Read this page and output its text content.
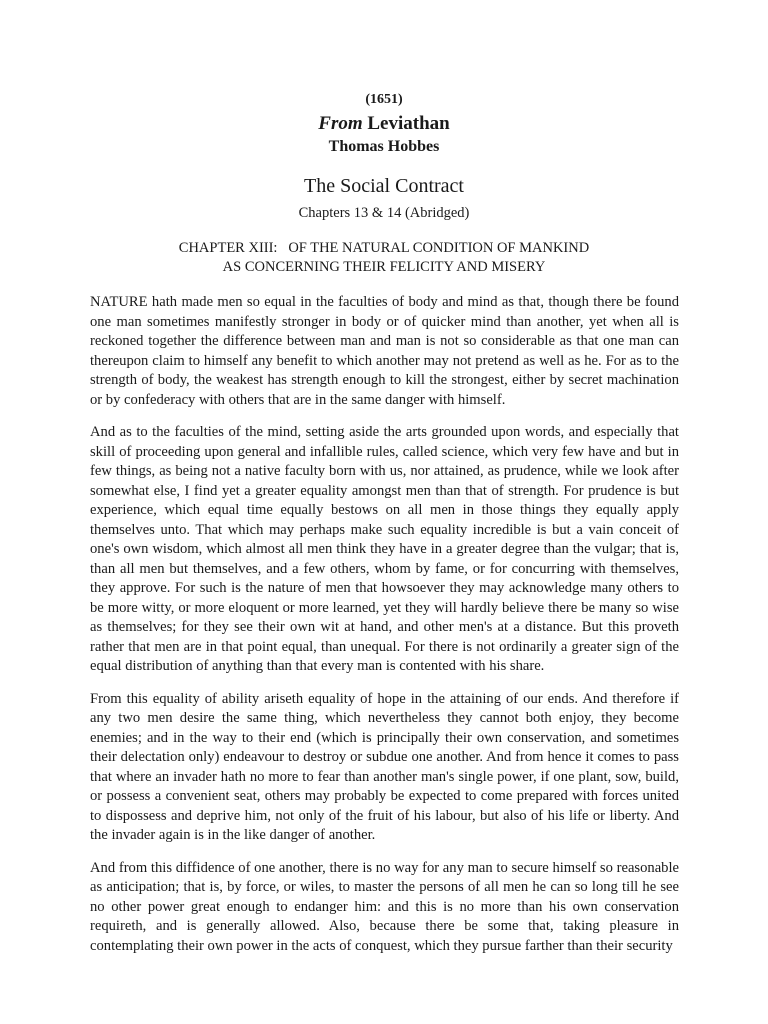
(1651)
From Leviathan
Thomas Hobbes
The Social Contract
Chapters 13 & 14 (Abridged)
CHAPTER XIII:   OF THE NATURAL CONDITION OF MANKIND
AS CONCERNING THEIR FELICITY AND MISERY

NATURE hath made men so equal in the faculties of body and mind as that, though there be found one man sometimes manifestly stronger in body or of quicker mind than another, yet when all is reckoned together the difference between man and man is not so considerable as that one man can thereupon claim to himself any benefit to which another may not pretend as well as he. For as to the strength of body, the weakest has strength enough to kill the strongest, either by secret machination or by confederacy with others that are in the same danger with himself.

And as to the faculties of the mind, setting aside the arts grounded upon words, and especially that skill of proceeding upon general and infallible rules, called science, which very few have and but in few things, as being not a native faculty born with us, nor attained, as prudence, while we look after somewhat else, I find yet a greater equality amongst men than that of strength. For prudence is but experience, which equal time equally bestows on all men in those things they equally apply themselves unto. That which may perhaps make such equality incredible is but a vain conceit of one's own wisdom, which almost all men think they have in a greater degree than the vulgar; that is, than all men but themselves, and a few others, whom by fame, or for concurring with themselves, they approve. For such is the nature of men that howsoever they may acknowledge many others to be more witty, or more eloquent or more learned, yet they will hardly believe there be many so wise as themselves; for they see their own wit at hand, and other men's at a distance. But this proveth rather that men are in that point equal, than unequal. For there is not ordinarily a greater sign of the equal distribution of anything than that every man is contented with his share.

From this equality of ability ariseth equality of hope in the attaining of our ends. And therefore if any two men desire the same thing, which nevertheless they cannot both enjoy, they become enemies; and in the way to their end (which is principally their own conservation, and sometimes their delectation only) endeavour to destroy or subdue one another. And from hence it comes to pass that where an invader hath no more to fear than another man's single power, if one plant, sow, build, or possess a convenient seat, others may probably be expected to come prepared with forces united to dispossess and deprive him, not only of the fruit of his labour, but also of his life or liberty. And the invader again is in the like danger of another.

And from this diffidence of one another, there is no way for any man to secure himself so reasonable as anticipation; that is, by force, or wiles, to master the persons of all men he can so long till he see no other power great enough to endanger him: and this is no more than his own conservation requireth, and is generally allowed. Also, because there be some that, taking pleasure in contemplating their own power in the acts of conquest, which they pursue farther than their security
